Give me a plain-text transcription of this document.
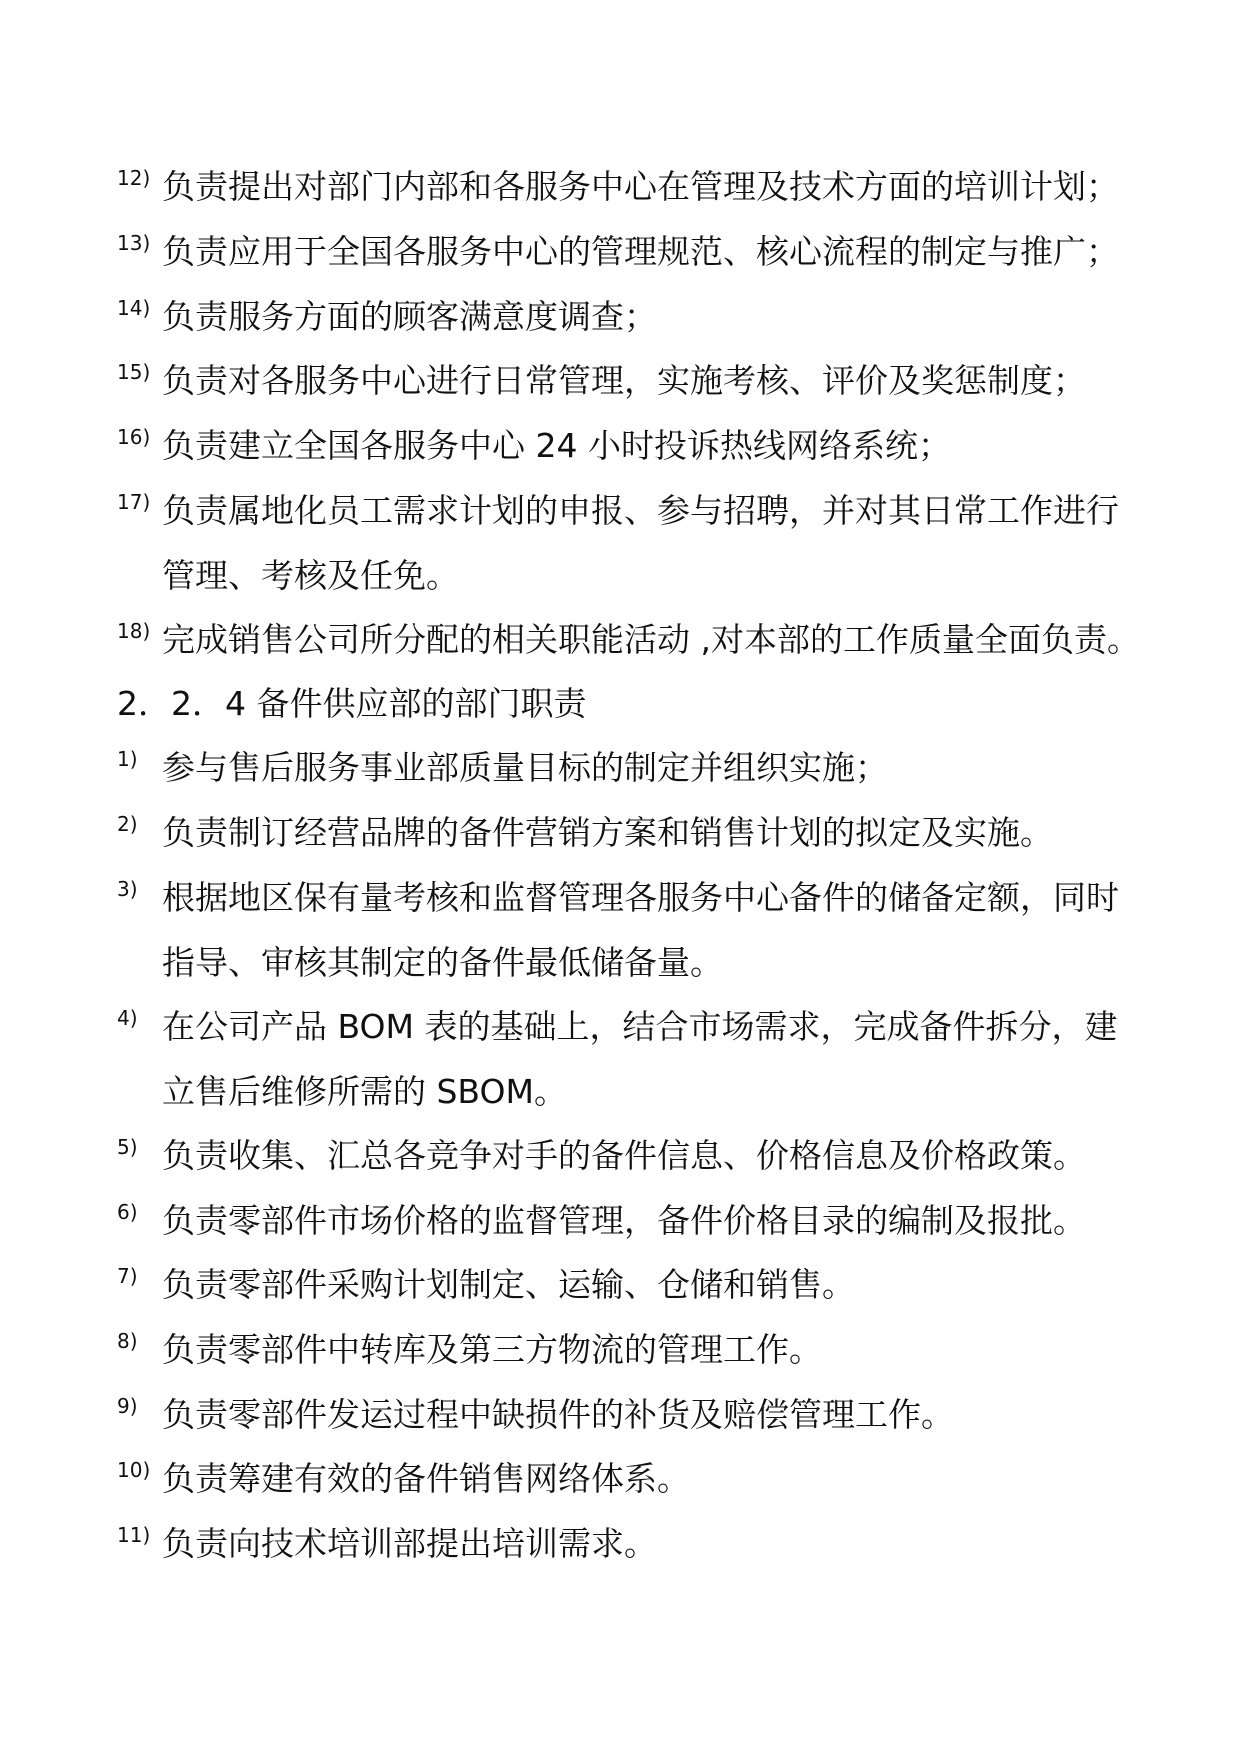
12) 负责提出对部门内部和各服务中心在管理及技术方面的培训计划；
13) 负责应用于全国各服务中心的管理规范、核心流程的制定与推广；
14) 负责服务方面的顾客满意度调查；
15) 负责对各服务中心进行日常管理，实施考核、评价及奖惩制度；
16) 负责建立全国各服务中心 24 小时投诉热线网络系统；
17) 负责属地化员工需求计划的申报、参与招聘，并对其日常工作进行
管理、考核及任免。
18) 完成销售公司所分配的相关职能活动 ,对本部的工作质量全面负责。
2．2．4 备件供应部的部门职责
1) 参与售后服务事业部质量目标的制定并组织实施；
2) 负责制订经营品牌的备件营销方案和销售计划的拟定及实施。
3) 根据地区保有量考核和监督管理各服务中心备件的储备定额，同时
指导、审核其制定的备件最低储备量。
4) 在公司产品 BOM 表的基础上，结合市场需求，完成备件拆分，建
立售后维修所需的 SBOM。
5) 负责收集、汇总各竞争对手的备件信息、价格信息及价格政策。
6) 负责零部件市场价格的监督管理，备件价格目录的编制及报批。
7) 负责零部件采购计划制定、运输、仓储和销售。
8) 负责零部件中转库及第三方物流的管理工作。
9) 负责零部件发运过程中缺损件的补货及赔偿管理工作。
10) 负责筹建有效的备件销售网络体系。
11) 负责向技术培训部提出培训需求。
